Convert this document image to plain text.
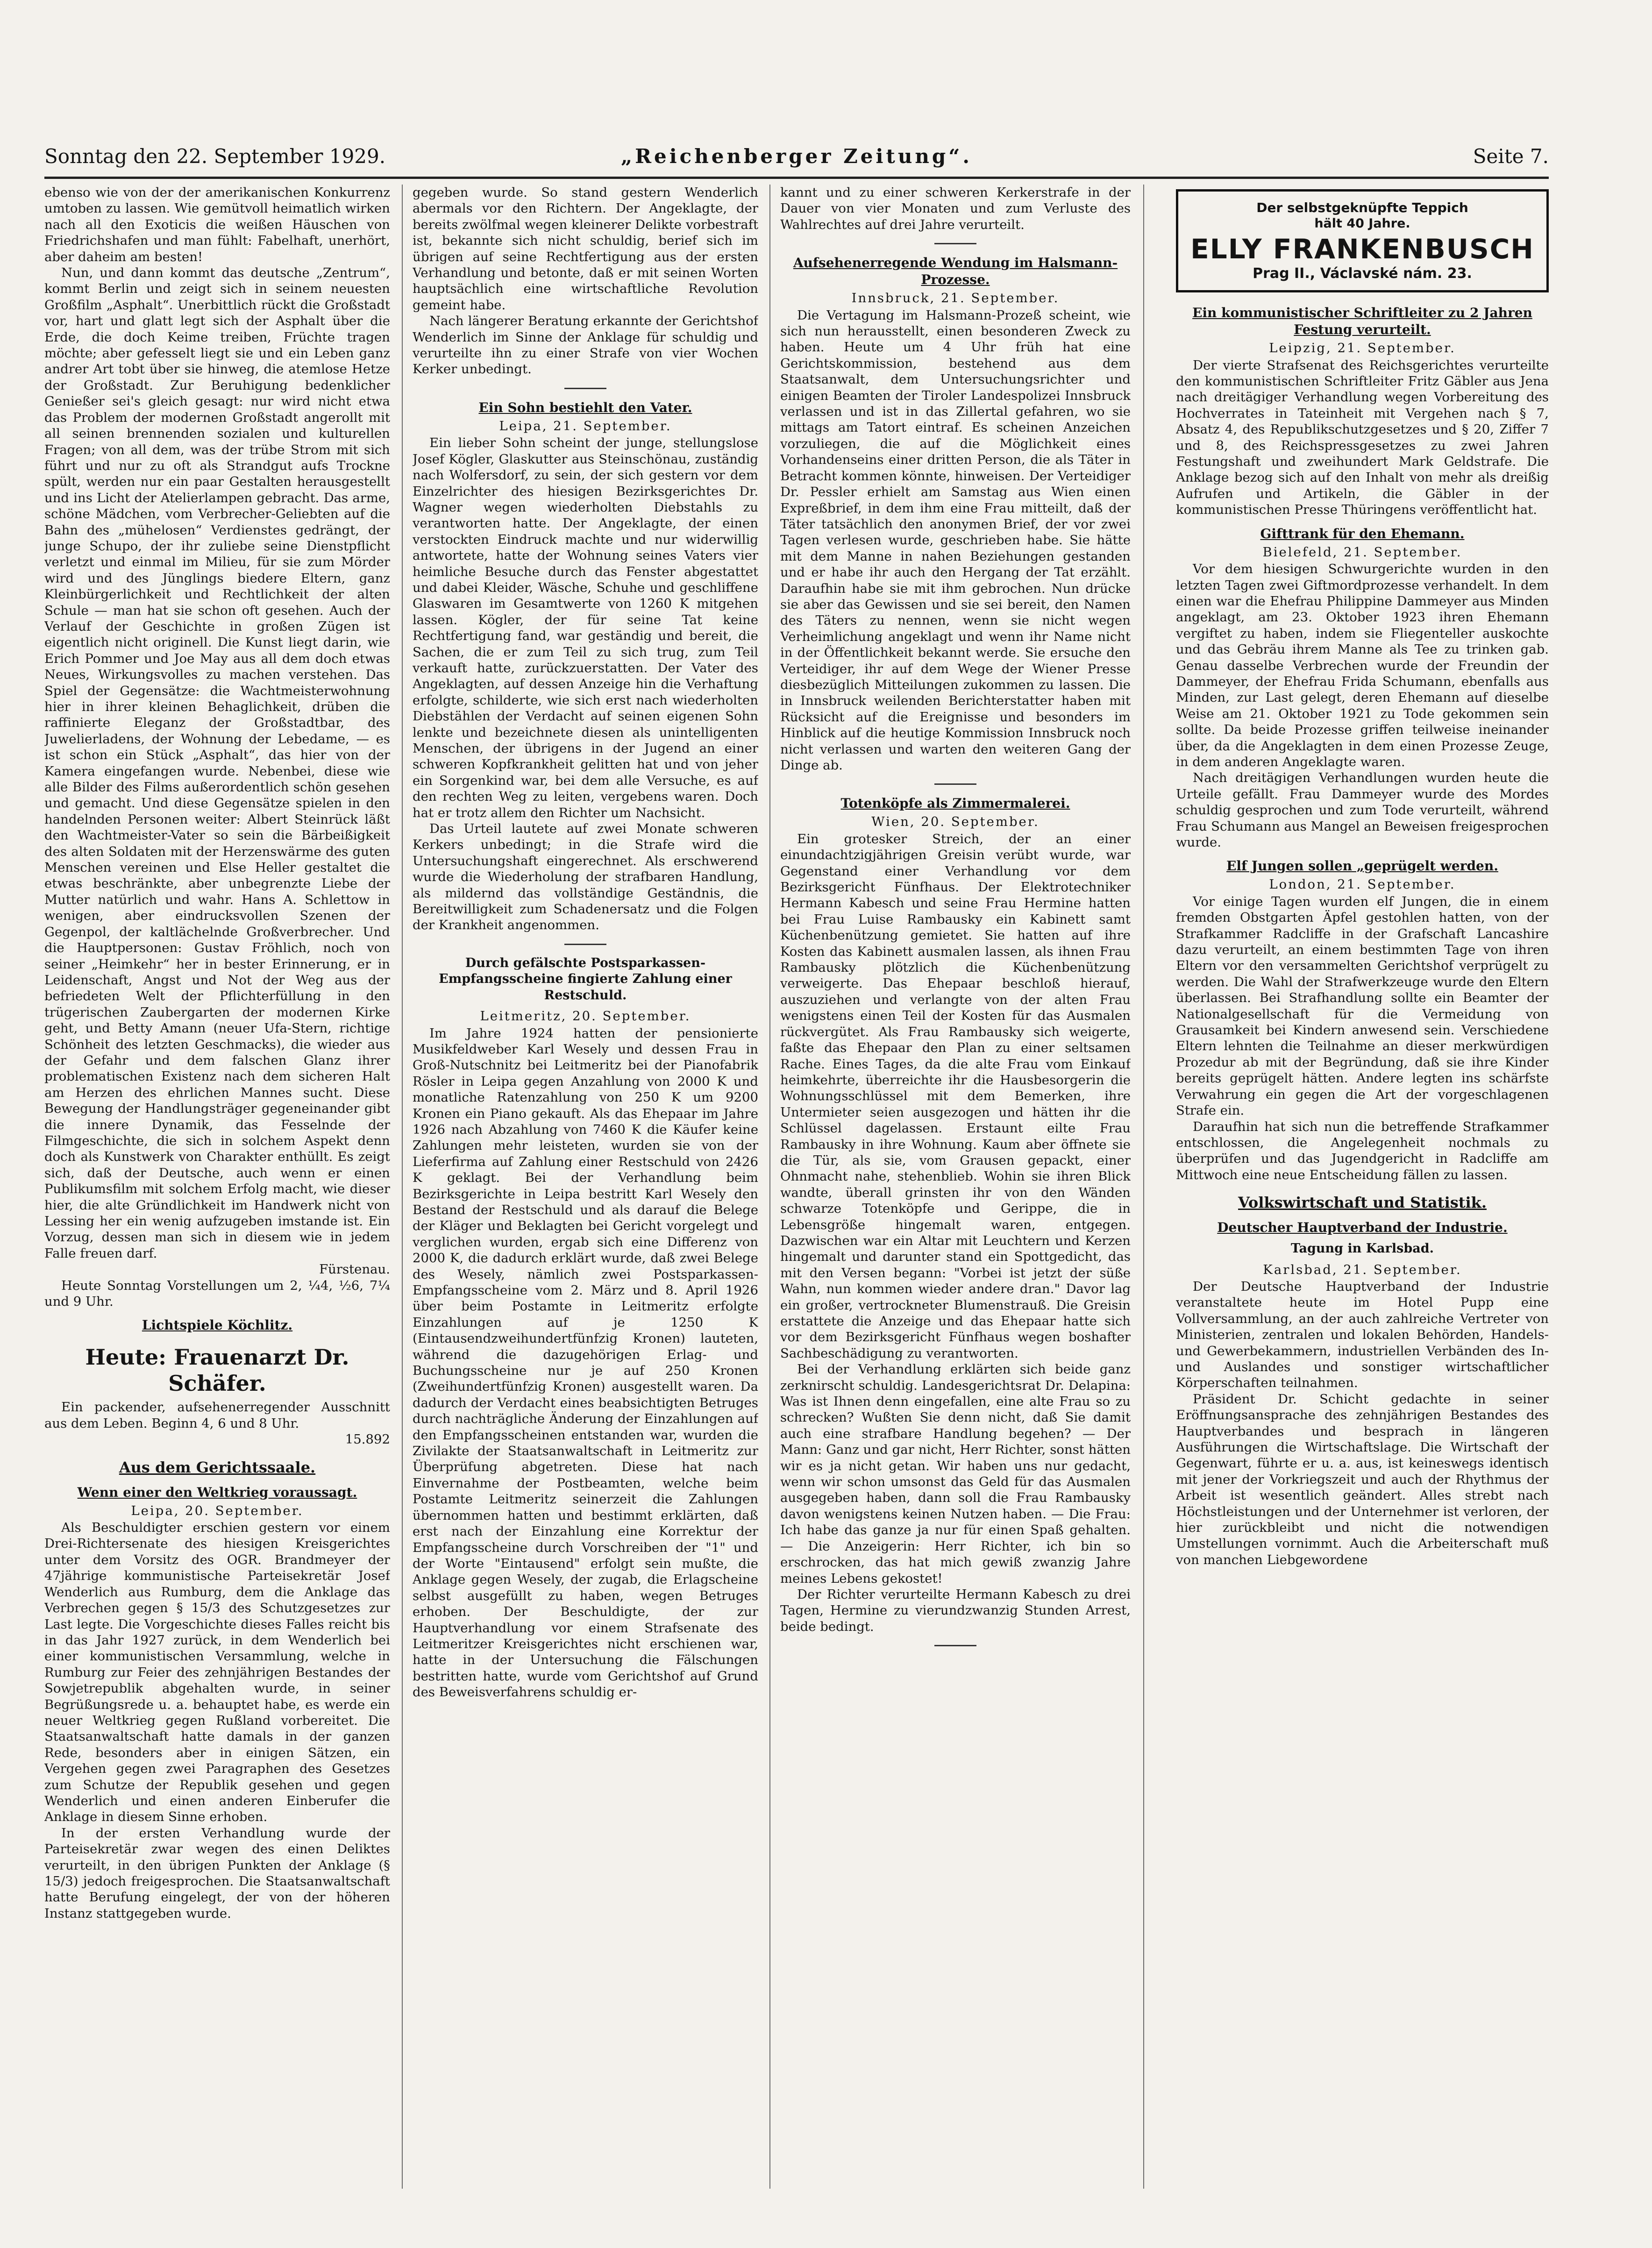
Sonntag den 22. September 1929.	„Reichenberger Zeitung“.	Seite 7.

ebenso wie von der der amerikanischen Konkurrenz umtoben zu lassen. Wie gemütvoll heimatlich wirken nach all den Exoticis die weißen Häuschen von Friedrichshafen und man fühlt: Fabelhaft, unerhört, aber daheim am besten!

Nun, und dann kommt das deutsche „Zentrum“, kommt Berlin und zeigt sich in seinem neuesten Großfilm „Asphalt“. Unerbittlich rückt die Großstadt vor, hart und glatt legt sich der Asphalt über die Erde, die doch Keime treiben, Früchte tragen möchte; aber gefesselt liegt sie und ein Leben ganz andrer Art tobt über sie hinweg, die atemlose Hetze der Großstadt. Zur Beruhigung bedenklicher Genießer sei's gleich gesagt: nur wird nicht etwa das Problem der modernen Großstadt angerollt mit all seinen brennenden sozialen und kulturellen Fragen; von all dem, was der trübe Strom mit sich führt und nur zu oft als Strandgut aufs Trockne spült, werden nur ein paar Gestalten herausgestellt und ins Licht der Atelierlampen gebracht. Das arme, schöne Mädchen, vom Verbrecher-Geliebten auf die Bahn des „mühelosen“ Verdienstes gedrängt, der junge Schupo, der ihr zuliebe seine Dienstpflicht verletzt und einmal im Milieu, für sie zum Mörder wird und des Jünglings biedere Eltern, ganz Kleinbürgerlichkeit und Rechtlichkeit der alten Schule — man hat sie schon oft gesehen. Auch der Verlauf der Geschichte in großen Zügen ist eigentlich nicht originell. Die Kunst liegt darin, wie Erich Pommer und Joe May aus all dem doch etwas Neues, Wirkungsvolles zu machen verstehen. Das Spiel der Gegensätze: die Wachtmeisterwohnung hier in ihrer kleinen Behaglichkeit, drüben die raffinierte Eleganz der Großstadtbar, des Juwelierladens, der Wohnung der Lebedame, — es ist schon ein Stück „Asphalt“, das hier von der Kamera eingefangen wurde. Nebenbei, diese wie alle Bilder des Films außerordentlich schön gesehen und gemacht. Und diese Gegensätze spielen in den handelnden Personen weiter: Albert Steinrück läßt den Wachtmeister-Vater so sein die Bärbeißigkeit des alten Soldaten mit der Herzenswärme des guten Menschen vereinen und Else Heller gestaltet die etwas beschränkte, aber unbegrenzte Liebe der Mutter natürlich und wahr. Hans A. Schlettow in wenigen, aber eindrucksvollen Szenen der Gegenpol, der kaltlächelnde Großverbrecher. Und die Hauptpersonen: Gustav Fröhlich, noch von seiner „Heimkehr“ her in bester Erinnerung, er in Leidenschaft, Angst und Not der Weg aus der befriedeten Welt der Pflichterfüllung in den trügerischen Zaubergarten der modernen Kirke geht, und Betty Amann (neuer Ufa-Stern, richtige Schönheit des letzten Geschmacks), die wieder aus der Gefahr und dem falschen Glanz ihrer problematischen Existenz nach dem sicheren Halt am Herzen des ehrlichen Mannes sucht. Diese Bewegung der Handlungsträger gegeneinander gibt die innere Dynamik, das Fesselnde der Filmgeschichte, die sich in solchem Aspekt denn doch als Kunstwerk von Charakter enthüllt. Es zeigt sich, daß der Deutsche, auch wenn er einen Publikumsfilm mit solchem Erfolg macht, wie dieser hier, die alte Gründlichkeit im Handwerk nicht von Lessing her ein wenig aufzugeben imstande ist. Ein Vorzug, dessen man sich in diesem wie in jedem Falle freuen darf.

Fürstenau.

Heute Sonntag Vorstellungen um 2, ¼4, ½6, 7¼ und 9 Uhr.

Lichtspiele Köchlitz.
Heute: Frauenarzt Dr. Schäfer.

Ein packender, aufsehenerregender Ausschnitt aus dem Leben. Beginn 4, 6 und 8 Uhr.

15.892

Aus dem Gerichtssaale.
Wenn einer den Weltkrieg voraussagt.
Leipa, 20. September.

Als Beschuldigter erschien gestern vor einem Drei-Richtersenate des hiesigen Kreisgerichtes unter dem Vorsitz des OGR. Brandmeyer der 47jährige kommunistische Parteisekretär Josef Wenderlich aus Rumburg, dem die Anklage das Verbrechen gegen § 15/3 des Schutzgesetzes zur Last legte. Die Vorgeschichte dieses Falles reicht bis in das Jahr 1927 zurück, in dem Wenderlich bei einer kommunistischen Versammlung, welche in Rumburg zur Feier des zehnjährigen Bestandes der Sowjetrepublik abgehalten wurde, in seiner Begrüßungsrede u. a. behauptet habe, es werde ein neuer Weltkrieg gegen Rußland vorbereitet. Die Staatsanwaltschaft hatte damals in der ganzen Rede, besonders aber in einigen Sätzen, ein Vergehen gegen zwei Paragraphen des Gesetzes zum Schutze der Republik gesehen und gegen Wenderlich und einen anderen Einberufer die Anklage in diesem Sinne erhoben.

In der ersten Verhandlung wurde der Parteisekretär zwar wegen des einen Deliktes verurteilt, in den übrigen Punkten der Anklage (§ 15/3) jedoch freigesprochen. Die Staatsanwaltschaft hatte Berufung eingelegt, der von der höheren Instanz stattgegeben wurde.

gegeben wurde. So stand gestern Wenderlich abermals vor den Richtern. Der Angeklagte, der bereits zwölfmal wegen kleinerer Delikte vorbestraft ist, bekannte sich nicht schuldig, berief sich im übrigen auf seine Rechtfertigung aus der ersten Verhandlung und betonte, daß er mit seinen Worten hauptsächlich eine wirtschaftliche Revolution gemeint habe.

Nach längerer Beratung erkannte der Gerichtshof Wenderlich im Sinne der Anklage für schuldig und verurteilte ihn zu einer Strafe von vier Wochen Kerker unbedingt.

Ein Sohn bestiehlt den Vater.
Leipa, 21. September.

Ein lieber Sohn scheint der junge, stellungslose Josef Kögler, Glaskutter aus Steinschönau, zuständig nach Wolfersdorf, zu sein, der sich gestern vor dem Einzelrichter des hiesigen Bezirksgerichtes Dr. Wagner wegen wiederholten Diebstahls zu verantworten hatte. Der Angeklagte, der einen verstockten Eindruck machte und nur widerwillig antwortete, hatte der Wohnung seines Vaters vier heimliche Besuche durch das Fenster abgestattet und dabei Kleider, Wäsche, Schuhe und geschliffene Glaswaren im Gesamtwerte von 1260 K mitgehen lassen. Kögler, der für seine Tat keine Rechtfertigung fand, war geständig und bereit, die Sachen, die er zum Teil zu sich trug, zum Teil verkauft hatte, zurückzuerstatten. Der Vater des Angeklagten, auf dessen Anzeige hin die Verhaftung erfolgte, schilderte, wie sich erst nach wiederholten Diebstählen der Verdacht auf seinen eigenen Sohn lenkte und bezeichnete diesen als unintelligenten Menschen, der übrigens in der Jugend an einer schweren Kopfkrankheit gelitten hat und von jeher ein Sorgenkind war, bei dem alle Versuche, es auf den rechten Weg zu leiten, vergebens waren. Doch hat er trotz allem den Richter um Nachsicht.

Das Urteil lautete auf zwei Monate schweren Kerkers unbedingt; in die Strafe wird die Untersuchungshaft eingerechnet. Als erschwerend wurde die Wiederholung der strafbaren Handlung, als mildernd das vollständige Geständnis, die Bereitwilligkeit zum Schadenersatz und die Folgen der Krankheit angenommen.

Durch gefälschte Postsparkassen-Empfangsscheine fingierte Zahlung einer Restschuld.
Leitmeritz, 20. September.

Im Jahre 1924 hatten der pensionierte Musikfeldweber Karl Wesely und dessen Frau in Groß-Nutschnitz bei Leitmeritz bei der Pianofabrik Rösler in Leipa gegen Anzahlung von 2000 K und monatliche Ratenzahlung von 250 K um 9200 Kronen ein Piano gekauft. Als das Ehepaar im Jahre 1926 nach Abzahlung von 7460 K die Käufer keine Zahlungen mehr leisteten, wurden sie von der Lieferfirma auf Zahlung einer Restschuld von 2426 K geklagt. Bei der Verhandlung beim Bezirksgerichte in Leipa bestritt Karl Wesely den Bestand der Restschuld und als darauf die Belege der Kläger und Beklagten bei Gericht vorgelegt und verglichen wurden, ergab sich eine Differenz von 2000 K, die dadurch erklärt wurde, daß zwei Belege des Wesely, nämlich zwei Postsparkassen-Empfangsscheine vom 2. März und 8. April 1926 über beim Postamte in Leitmeritz erfolgte Einzahlungen auf je 1250 K (Eintausendzweihundertfünfzig Kronen) lauteten, während die dazugehörigen Erlag- und Buchungsscheine nur je auf 250 Kronen (Zweihundertfünfzig Kronen) ausgestellt waren. Da dadurch der Verdacht eines beabsichtigten Betruges durch nachträgliche Änderung der Einzahlungen auf den Empfangsscheinen entstanden war, wurden die Zivilakte der Staatsanwaltschaft in Leitmeritz zur Überprüfung abgetreten. Diese hat nach Einvernahme der Postbeamten, welche beim Postamte Leitmeritz seinerzeit die Zahlungen übernommen hatten und bestimmt erklärten, daß erst nach der Einzahlung eine Korrektur der Empfangsscheine durch Vorschreiben der "1" und der Worte "Eintausend" erfolgt sein mußte, die Anklage gegen Wesely, der zugab, die Erlagscheine selbst ausgefüllt zu haben, wegen Betruges erhoben. Der Beschuldigte, der zur Hauptverhandlung vor einem Strafsenate des Leitmeritzer Kreisgerichtes nicht erschienen war, hatte in der Untersuchung die Fälschungen bestritten hatte, wurde vom Gerichtshof auf Grund des Beweisverfahrens schuldig er-

kannt und zu einer schweren Kerkerstrafe in der Dauer von vier Monaten und zum Verluste des Wahlrechtes auf drei Jahre verurteilt.

Aufsehenerregende Wendung im Halsmann-Prozesse.
Innsbruck, 21. September.

Die Vertagung im Halsmann-Prozeß scheint, wie sich nun herausstellt, einen besonderen Zweck zu haben. Heute um 4 Uhr früh hat eine Gerichtskommission, bestehend aus dem Staatsanwalt, dem Untersuchungsrichter und einigen Beamten der Tiroler Landespolizei Innsbruck verlassen und ist in das Zillertal gefahren, wo sie mittags am Tatort eintraf. Es scheinen Anzeichen vorzuliegen, die auf die Möglichkeit eines Vorhandenseins einer dritten Person, die als Täter in Betracht kommen könnte, hinweisen. Der Verteidiger Dr. Pessler erhielt am Samstag aus Wien einen Expreßbrief, in dem ihm eine Frau mitteilt, daß der Täter tatsächlich den anonymen Brief, der vor zwei Tagen verlesen wurde, geschrieben habe. Sie hätte mit dem Manne in nahen Beziehungen gestanden und er habe ihr auch den Hergang der Tat erzählt. Daraufhin habe sie mit ihm gebrochen. Nun drücke sie aber das Gewissen und sie sei bereit, den Namen des Täters zu nennen, wenn sie nicht wegen Verheimlichung angeklagt und wenn ihr Name nicht in der Öffentlichkeit bekannt werde. Sie ersuche den Verteidiger, ihr auf dem Wege der Wiener Presse diesbezüglich Mitteilungen zukommen zu lassen. Die in Innsbruck weilenden Berichterstatter haben mit Rücksicht auf die Ereignisse und besonders im Hinblick auf die heutige Kommission Innsbruck noch nicht verlassen und warten den weiteren Gang der Dinge ab.

Totenköpfe als Zimmermalerei.
Wien, 20. September.

Ein grotesker Streich, der an einer einundachtzigjährigen Greisin verübt wurde, war Gegenstand einer Verhandlung vor dem Bezirksgericht Fünfhaus. Der Elektrotechniker Hermann Kabesch und seine Frau Hermine hatten bei Frau Luise Rambausky ein Kabinett samt Küchenbenützung gemietet. Sie hatten auf ihre Kosten das Kabinett ausmalen lassen, als ihnen Frau Rambausky plötzlich die Küchenbenützung verweigerte. Das Ehepaar beschloß hierauf, auszuziehen und verlangte von der alten Frau wenigstens einen Teil der Kosten für das Ausmalen rückvergütet. Als Frau Rambausky sich weigerte, faßte das Ehepaar den Plan zu einer seltsamen Rache. Eines Tages, da die alte Frau vom Einkauf heimkehrte, überreichte ihr die Hausbesorgerin die Wohnungsschlüssel mit dem Bemerken, ihre Untermieter seien ausgezogen und hätten ihr die Schlüssel dagelassen. Erstaunt eilte Frau Rambausky in ihre Wohnung. Kaum aber öffnete sie die Tür, als sie, vom Grausen gepackt, einer Ohnmacht nahe, stehenblieb. Wohin sie ihren Blick wandte, überall grinsten ihr von den Wänden schwarze Totenköpfe und Gerippe, die in Lebensgröße hingemalt waren, entgegen. Dazwischen war ein Altar mit Leuchtern und Kerzen hingemalt und darunter stand ein Spottgedicht, das mit den Versen begann: "Vorbei ist jetzt der süße Wahn, nun kommen wieder andere dran." Davor lag ein großer, vertrockneter Blumenstrauß. Die Greisin erstattete die Anzeige und das Ehepaar hatte sich vor dem Bezirksgericht Fünfhaus wegen boshafter Sachbeschädigung zu verantworten.

Bei der Verhandlung erklärten sich beide ganz zerknirscht schuldig. Landesgerichtsrat Dr. Delapina: Was ist Ihnen denn eingefallen, eine alte Frau so zu schrecken? Wußten Sie denn nicht, daß Sie damit auch eine strafbare Handlung begehen? — Der Mann: Ganz und gar nicht, Herr Richter, sonst hätten wir es ja nicht getan. Wir haben uns nur gedacht, wenn wir schon umsonst das Geld für das Ausmalen ausgegeben haben, dann soll die Frau Rambausky davon wenigstens keinen Nutzen haben. — Die Frau: Ich habe das ganze ja nur für einen Spaß gehalten. — Die Anzeigerin: Herr Richter, ich bin so erschrocken, das hat mich gewiß zwanzig Jahre meines Lebens gekostet!

Der Richter verurteilte Hermann Kabesch zu drei Tagen, Hermine zu vierundzwanzig Stunden Arrest, beide bedingt.

Der selbstgeknüpfte Teppich
hält 40 Jahre.
ELLY FRANKENBUSCH
Prag II., Václavské nám. 23.
Ein kommunistischer Schriftleiter zu 2 Jahren Festung verurteilt.
Leipzig, 21. September.

Der vierte Strafsenat des Reichsgerichtes verurteilte den kommunistischen Schriftleiter Fritz Gäbler aus Jena nach dreitägiger Verhandlung wegen Vorbereitung des Hochverrates in Tateinheit mit Vergehen nach § 7, Absatz 4, des Republikschutzgesetzes und § 20, Ziffer 7 und 8, des Reichspressgesetzes zu zwei Jahren Festungshaft und zweihundert Mark Geldstrafe. Die Anklage bezog sich auf den Inhalt von mehr als dreißig Aufrufen und Artikeln, die Gäbler in der kommunistischen Presse Thüringens veröffentlicht hat.

Gifttrank für den Ehemann.
Bielefeld, 21. September.

Vor dem hiesigen Schwurgerichte wurden in den letzten Tagen zwei Giftmordprozesse verhandelt. In dem einen war die Ehefrau Philippine Dammeyer aus Minden angeklagt, am 23. Oktober 1923 ihren Ehemann vergiftet zu haben, indem sie Fliegenteller auskochte und das Gebräu ihrem Manne als Tee zu trinken gab. Genau dasselbe Verbrechen wurde der Freundin der Dammeyer, der Ehefrau Frida Schumann, ebenfalls aus Minden, zur Last gelegt, deren Ehemann auf dieselbe Weise am 21. Oktober 1921 zu Tode gekommen sein sollte. Da beide Prozesse griffen teilweise ineinander über, da die Angeklagten in dem einen Prozesse Zeuge, in dem anderen Angeklagte waren.

Nach dreitägigen Verhandlungen wurden heute die Urteile gefällt. Frau Dammeyer wurde des Mordes schuldig gesprochen und zum Tode verurteilt, während Frau Schumann aus Mangel an Beweisen freigesprochen wurde.

Elf Jungen sollen „geprügelt werden.
London, 21. September.

Vor einige Tagen wurden elf Jungen, die in einem fremden Obstgarten Äpfel gestohlen hatten, von der Strafkammer Radcliffe in der Grafschaft Lancashire dazu verurteilt, an einem bestimmten Tage von ihren Eltern vor den versammelten Gerichtshof verprügelt zu werden. Die Wahl der Strafwerkzeuge wurde den Eltern überlassen. Bei Strafhandlung sollte ein Beamter der Nationalgesellschaft für die Vermeidung von Grausamkeit bei Kindern anwesend sein. Verschiedene Eltern lehnten die Teilnahme an dieser merkwürdigen Prozedur ab mit der Begründung, daß sie ihre Kinder bereits geprügelt hätten. Andere legten ins schärfste Verwahrung ein gegen die Art der vorgeschlagenen Strafe ein.

Daraufhin hat sich nun die betreffende Strafkammer entschlossen, die Angelegenheit nochmals zu überprüfen und das Jugendgericht in Radcliffe am Mittwoch eine neue Entscheidung fällen zu lassen.

Volkswirtschaft und Statistik.
Deutscher Hauptverband der Industrie.
Tagung in Karlsbad.
Karlsbad, 21. September.

Der Deutsche Hauptverband der Industrie veranstaltete heute im Hotel Pupp eine Vollversammlung, an der auch zahlreiche Vertreter von Ministerien, zentralen und lokalen Behörden, Handels- und Gewerbekammern, industriellen Verbänden des In- und Auslandes und sonstiger wirtschaftlicher Körperschaften teilnahmen.

Präsident Dr. Schicht gedachte in seiner Eröffnungsansprache des zehnjährigen Bestandes des Hauptverbandes und besprach in längeren Ausführungen die Wirtschaftslage. Die Wirtschaft der Gegenwart, führte er u. a. aus, ist keineswegs identisch mit jener der Vorkriegszeit und auch der Rhythmus der Arbeit ist wesentlich geändert. Alles strebt nach Höchstleistungen und der Unternehmer ist verloren, der hier zurückbleibt und nicht die notwendigen Umstellungen vornimmt. Auch die Arbeiterschaft muß von manchen Liebgewordene
